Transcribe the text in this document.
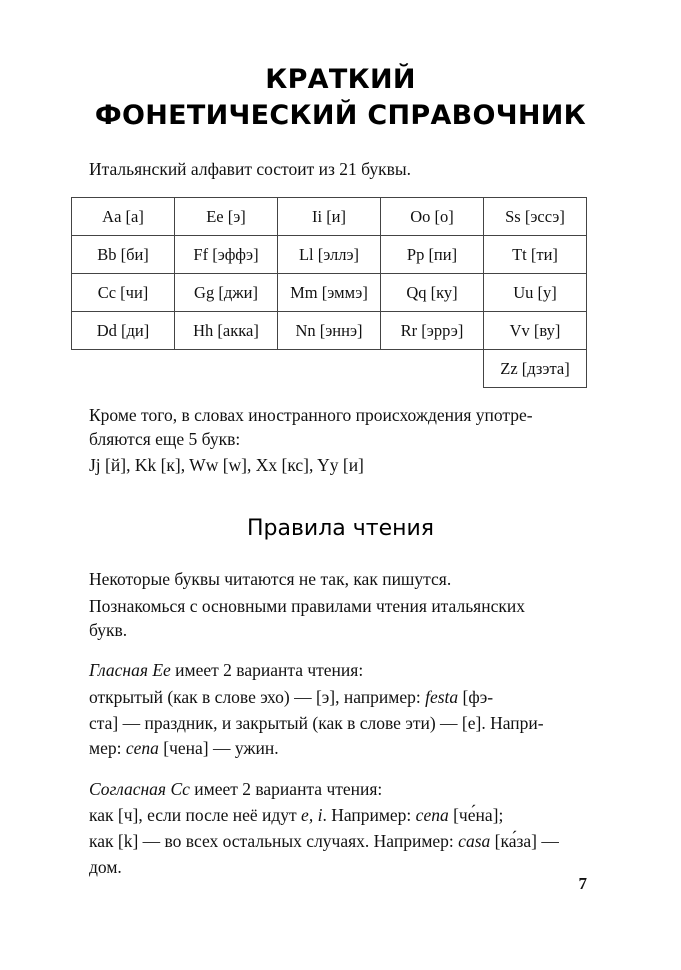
КРАТКИЙ
ФОНЕТИЧЕСКИЙ СПРАВОЧНИК
Итальянский алфавит состоит из 21 буквы.
Aa [а]	Ee [э]	Ii [и]	Oo [о]	Ss [эссэ]
Bb [би]	Ff [эффэ]	Ll [эллэ]	Pp [пи]	Tt [ти]
Cc [чи]	Gg [джи]	Mm [эммэ]	Qq [ку]	Uu [у]
Dd [ди]	Hh [акка]	Nn [эннэ]	Rr [эррэ]	Vv [ву]
				Zz [дзэта]
Кроме того, в словах иностранного происхождения употре-
бляются еще 5 букв:
Jj [й], Kk [к], Ww [w], Xx [кс], Yy [и]
Правила чтения
Некоторые буквы читаются не так, как пишутся.
Познакомься с основными правилами чтения итальянских
букв.
Гласная Ee имеет 2 варианта чтения:
открытый (как в слове эхо) — [э], например: festa [фэ-
ста] — праздник, и закрытый (как в слове эти) — [е]. Напри-
мер: cena [чена] — ужин.
Согласная Cc имеет 2 варианта чтения:
как [ч], если после неё идут e, i. Например: cena [че́на];
как [k] — во всех остальных случаях. Например: casa [ка́за] —
дом.
7
